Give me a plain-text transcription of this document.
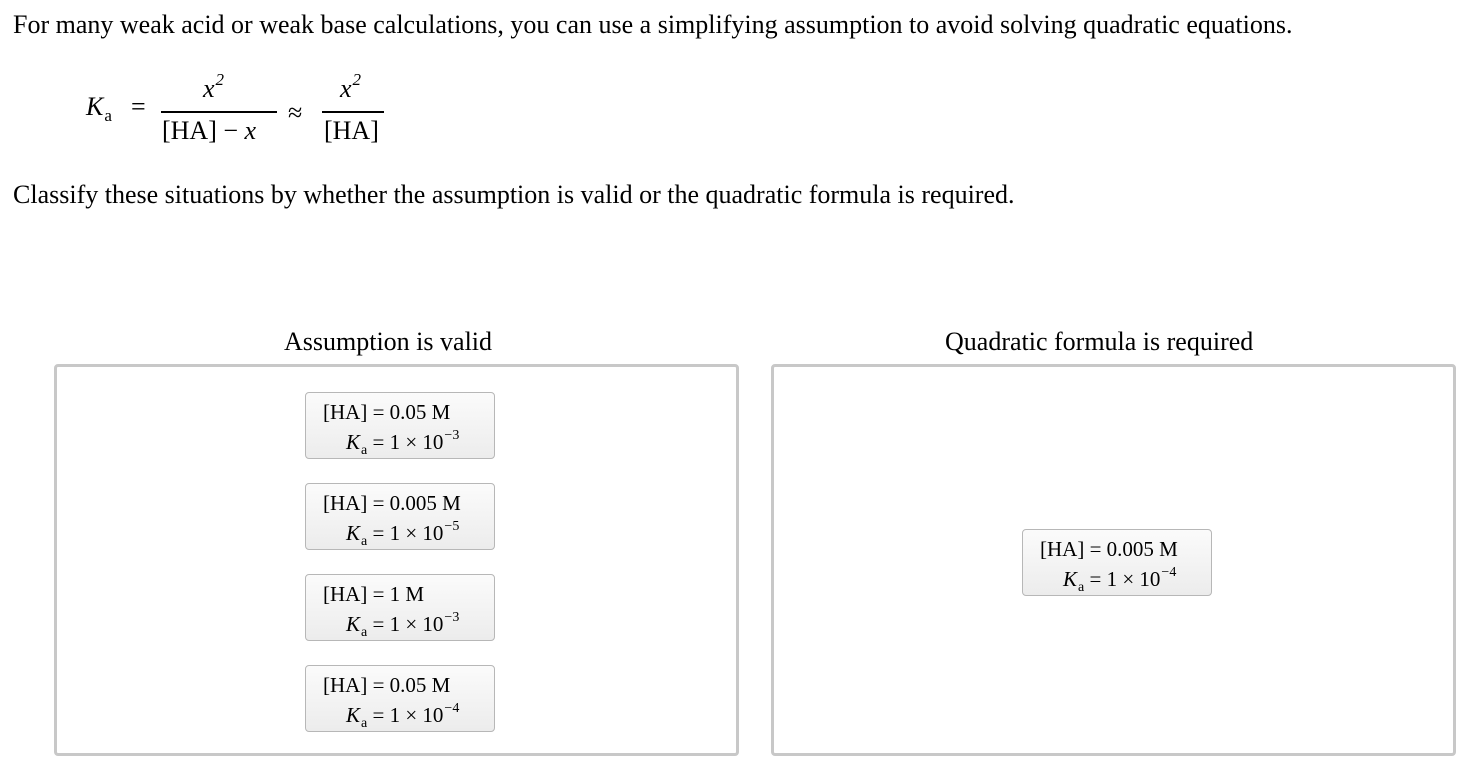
For many weak acid or weak base calculations, you can use a simplifying assumption to avoid solving quadratic equations.
$K_a$ =
$x^2$
[HA] − x
≈
$x^2$
[HA]
Classify these situations by whether the assumption is valid or the quadratic formula is required.
Assumption is valid	Quadratic formula is required
[HA] = 0.05 M
$K_a = 1 \times 10^{-3}$
[HA] = 0.005 M
$K_a = 1 \times 10^{-5}$
[HA] = 1 M
$K_a = 1 \times 10^{-3}$
[HA] = 0.05 M
$K_a = 1 \times 10^{-4}$
[HA] = 0.005 M
$K_a = 1 \times 10^{-4}$
